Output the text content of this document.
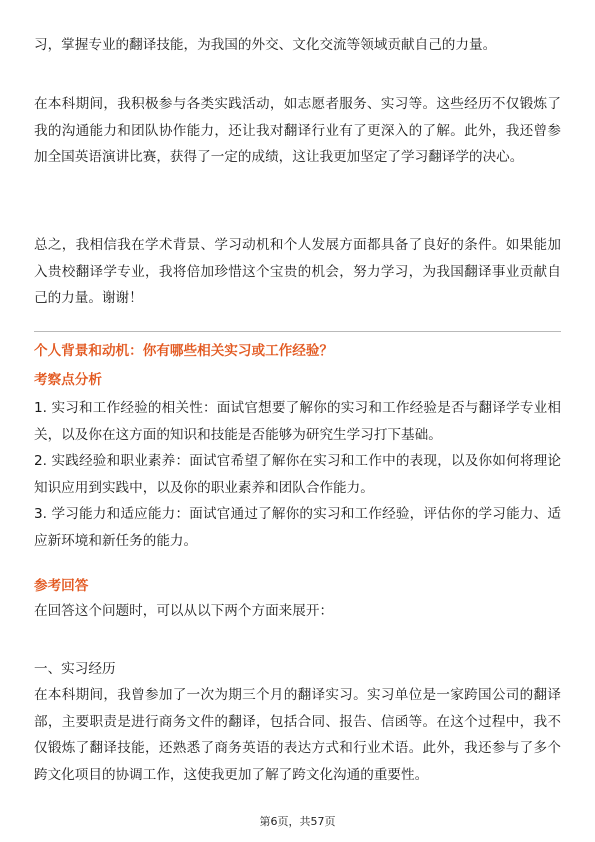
习，掌握专业的翻译技能，为我国的外交、文化交流等领域贡献自己的力量。

在本科期间，我积极参与各类实践活动，如志愿者服务、实习等。这些经历不仅锻炼了我的沟通能力和团队协作能力，还让我对翻译行业有了更深入的了解。此外，我还曾参加全国英语演讲比赛，获得了一定的成绩，这让我更加坚定了学习翻译学的决心。

总之，我相信我在学术背景、学习动机和个人发展方面都具备了良好的条件。如果能加入贵校翻译学专业，我将倍加珍惜这个宝贵的机会，努力学习，为我国翻译事业贡献自己的力量。谢谢！

个人背景和动机：你有哪些相关实习或工作经验？

考察点分析

1. 实习和工作经验的相关性：面试官想要了解你的实习和工作经验是否与翻译学专业相关，以及你在这方面的知识和技能是否能够为研究生学习打下基础。
2. 实践经验和职业素养：面试官希望了解你在实习和工作中的表现，以及你如何将理论知识应用到实践中，以及你的职业素养和团队合作能力。
3. 学习能力和适应能力：面试官通过了解你的实习和工作经验，评估你的学习能力、适应新环境和新任务的能力。

参考回答

在回答这个问题时，可以从以下两个方面来展开：

一、实习经历

在本科期间，我曾参加了一次为期三个月的翻译实习。实习单位是一家跨国公司的翻译部，主要职责是进行商务文件的翻译，包括合同、报告、信函等。在这个过程中，我不仅锻炼了翻译技能，还熟悉了商务英语的表达方式和行业术语。此外，我还参与了多个跨文化项目的协调工作，这使我更加了解了跨文化沟通的重要性。

第6页，共57页
